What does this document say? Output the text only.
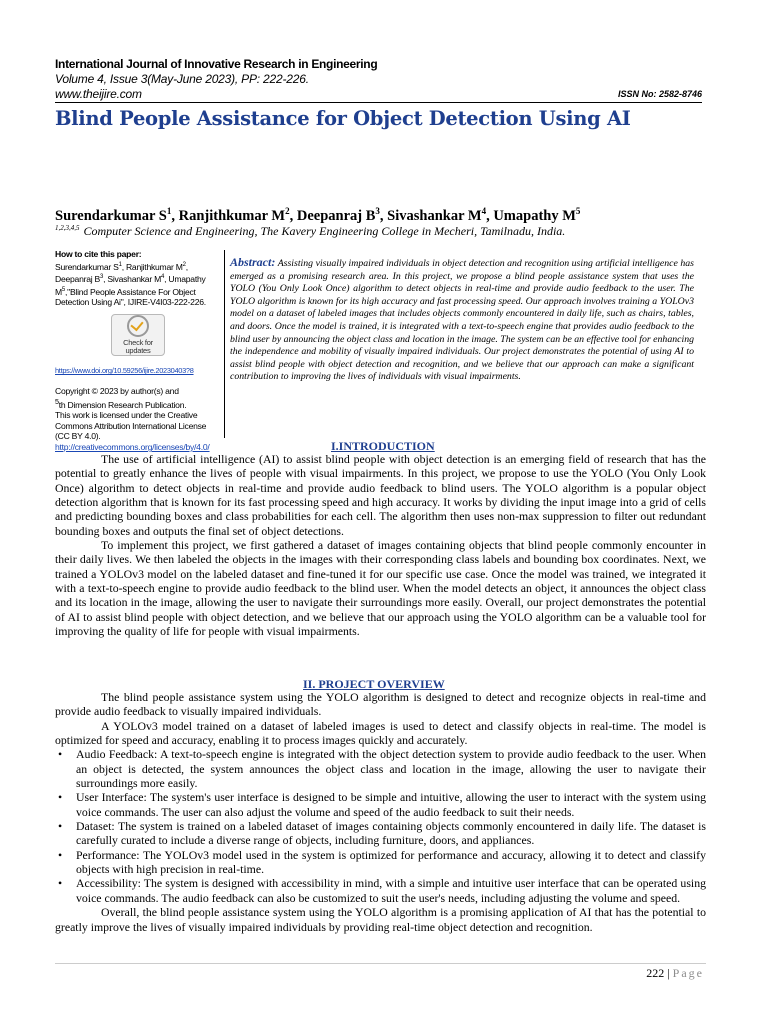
International Journal of Innovative Research in Engineering
Volume 4, Issue 3(May-June 2023), PP: 222-226.
www.theijire.com	ISSN No: 2582-8746
Blind People Assistance for Object Detection Using AI
Surendarkumar $S^1$, Ranjithkumar $M^2$, Deepanraj $B^3$, Sivashankar $M^4$, Umapathy $M^5$
$^{1,2,3,4,5}$ Computer Science and Engineering, The Kavery Engineering College in Mecheri, Tamilnadu, India.
How to cite this paper:
Surendarkumar $S^1$, Ranjithkumar $M^2$, Deepanraj $B^3$, Sivashankar $M^4$, Umapathy $M^5,"Blind$ People Assistance For Object Detection Using Ai", IJIRE-V4I03-222-226.
Check for
updates
https://www.doi.org/10.59256/ijire.20230403?8
Copyright © 2023 by author(s) and
$^5$th Dimension Research Publication.
This work is licensed under the Creative Commons Attribution International License (CC BY 4.0).
http://creativecommons.org/licenses/by/4.0/
Abstract: Assisting visually impaired individuals in object detection and recognition using artificial intelligence has emerged as a promising research area. In this project, we propose a blind people assistance system that uses the YOLO (You Only Look Once) algorithm to detect objects in real-time and provide audio feedback to the user. The YOLO algorithm is known for its high accuracy and fast processing speed. Our approach involves training a YOLOv3 model on a dataset of labeled images that includes objects commonly encountered in daily life, such as chairs, tables, and doors. Once the model is trained, it is integrated with a text-to-speech engine that provides audio feedback to the blind user by announcing the object class and location in the image. The system can be an effective tool for enhancing the independence and mobility of visually impaired individuals. Our project demonstrates the potential of using AI to assist blind people with object detection and recognition, and we believe that our approach can make a significant contribution to improving the lives of individuals with visual impairments.
I.INTRODUCTION

The use of artificial intelligence (AI) to assist blind people with object detection is an emerging field of research that has the potential to greatly enhance the lives of people with visual impairments. In this project, we propose to use the YOLO (You Only Look Once) algorithm to detect objects in real-time and provide audio feedback to blind users. The YOLO algorithm is a popular object detection algorithm that is known for its fast processing speed and high accuracy. It works by dividing the input image into a grid of cells and predicting bounding boxes and class probabilities for each cell. The algorithm then uses non-max suppression to filter out redundant bounding boxes and outputs the final set of object detections.

To implement this project, we first gathered a dataset of images containing objects that blind people commonly encounter in their daily lives. We then labeled the objects in the images with their corresponding class labels and bounding box coordinates. Next, we trained a YOLOv3 model on the labeled dataset and fine-tuned it for our specific use case. Once the model was trained, we integrated it with a text-to-speech engine to provide audio feedback to the blind user. When the model detects an object, it announces the object class and its location in the image, allowing the user to navigate their surroundings more easily. Overall, our project demonstrates the potential of AI to assist blind people with object detection, and we believe that our approach using the YOLO algorithm can be a valuable tool for improving the quality of life for people with visual impairments.

II. PROJECT OVERVIEW

The blind people assistance system using the YOLO algorithm is designed to detect and recognize objects in real-time and provide audio feedback to visually impaired individuals.

A YOLOv3 model trained on a dataset of labeled images is used to detect and classify objects in real-time. The model is optimized for speed and accuracy, enabling it to process images quickly and accurately.

• Audio Feedback: A text-to-speech engine is integrated with the object detection system to provide audio feedback to the user. When an object is detected, the system announces the object class and location in the image, allowing the user to navigate their surroundings more easily.
• User Interface: The system's user interface is designed to be simple and intuitive, allowing the user to interact with the system using voice commands. The user can also adjust the volume and speed of the audio feedback to suit their needs.
• Dataset: The system is trained on a labeled dataset of images containing objects commonly encountered in daily life. The dataset is carefully curated to include a diverse range of objects, including furniture, doors, and appliances.
• Performance: The YOLOv3 model used in the system is optimized for performance and accuracy, allowing it to detect and classify objects with high precision in real-time.
• Accessibility: The system is designed with accessibility in mind, with a simple and intuitive user interface that can be operated using voice commands. The audio feedback can also be customized to suit the user's needs, including adjusting the volume and speed.

Overall, the blind people assistance system using the YOLO algorithm is a promising application of AI that has the potential to greatly improve the lives of visually impaired individuals by providing real-time object detection and recognition.

222 | Page
